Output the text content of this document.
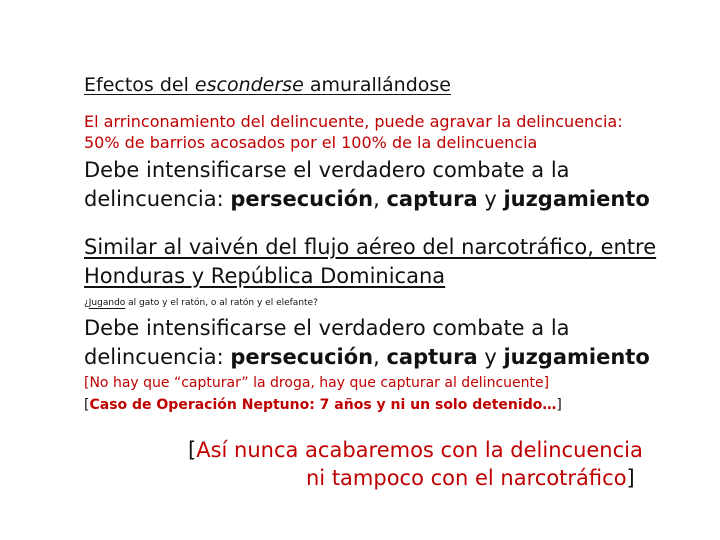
Efectos del esconderse amurallándose
El arrinconamiento del delincuente, puede agravar la delincuencia:
50% de barrios acosados por el 100% de la delincuencia
Debe intensificarse el verdadero combate a la
delincuencia: persecución, captura y juzgamiento
Similar al vaivén del flujo aéreo del narcotráfico, entre
Honduras y República Dominicana
¿Jugando al gato y el ratón, o al ratón y el elefante?
Debe intensificarse el verdadero combate a la
delincuencia: persecución, captura y juzgamiento
[No hay que “capturar” la droga, hay que capturar al delincuente]
[Caso de Operación Neptuno: 7 años y ni un solo detenido…]
[Así nunca acabaremos con la delincuencia
ni tampoco con el narcotráfico]
